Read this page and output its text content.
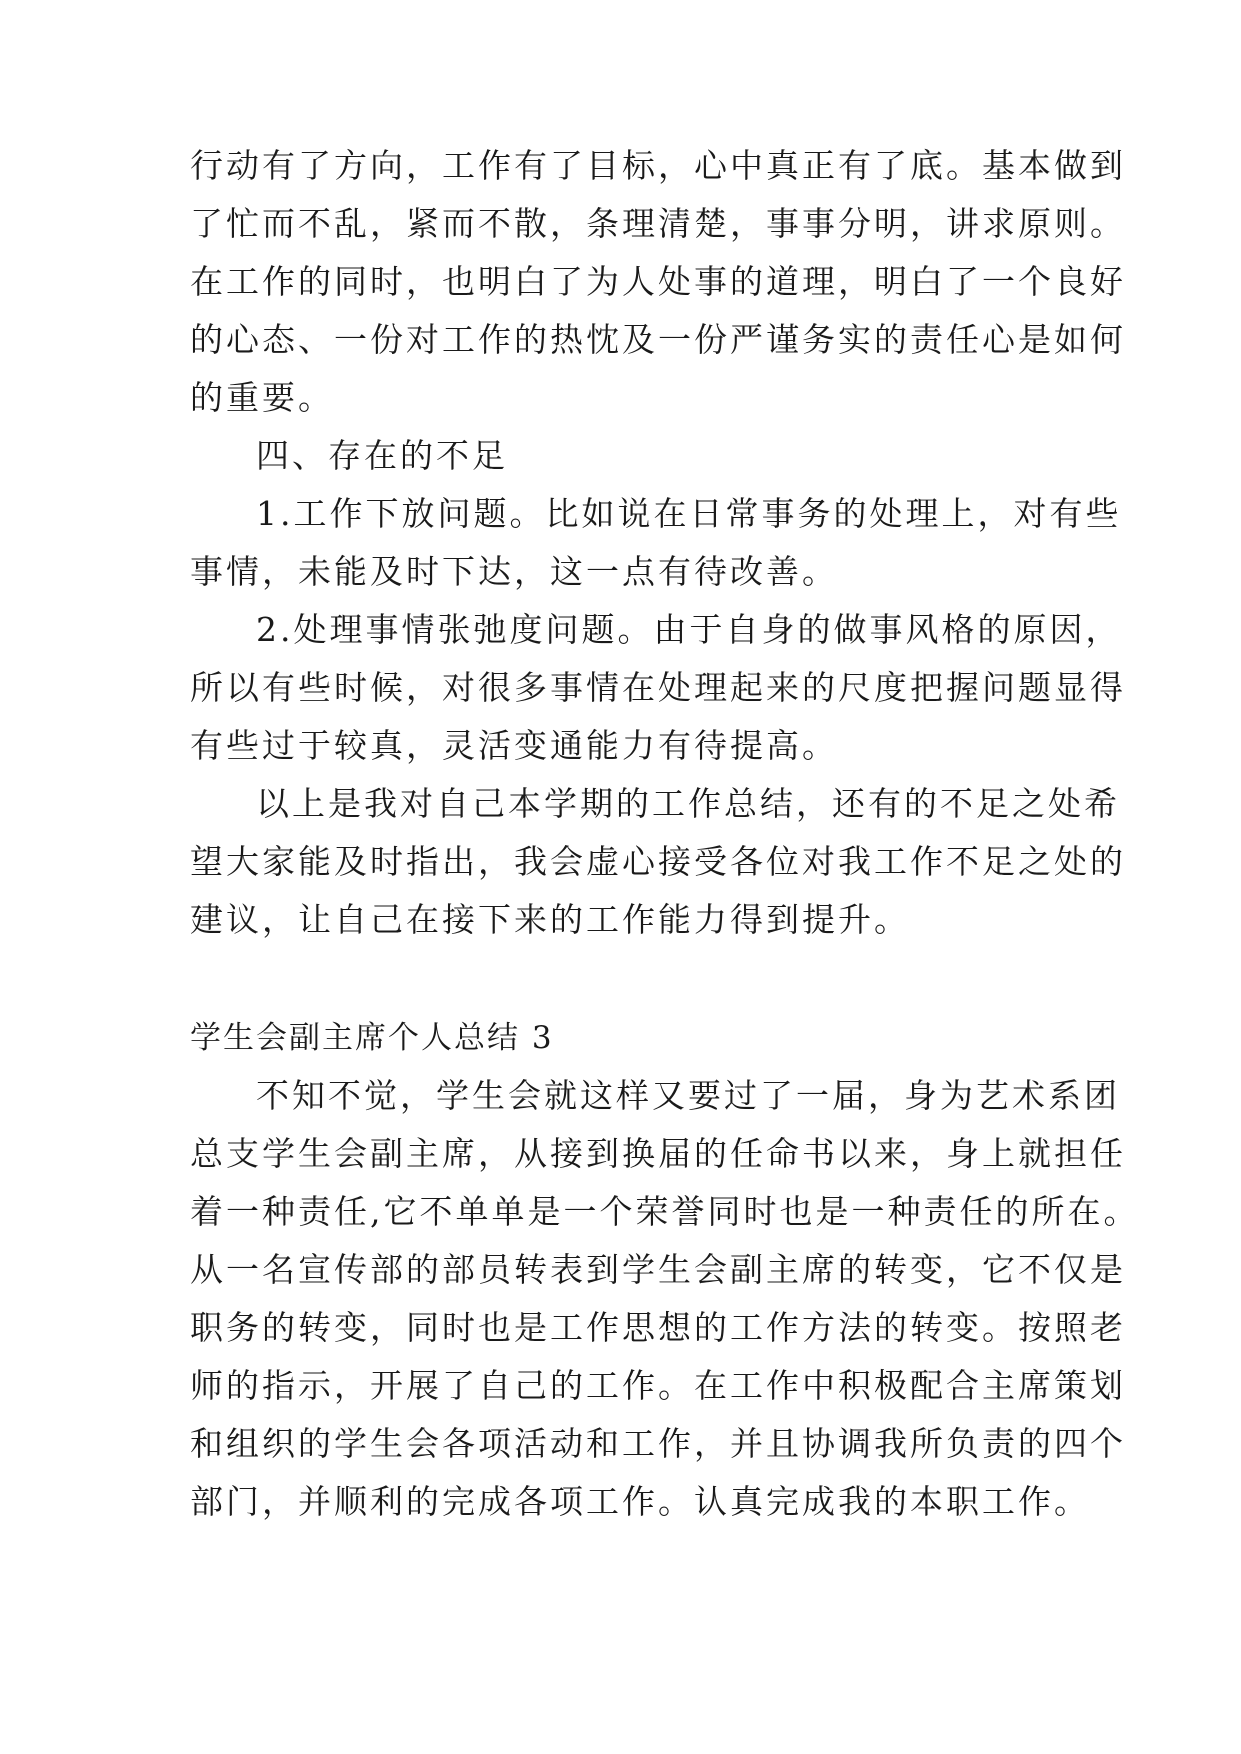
行动有了方向，工作有了目标，心中真正有了底。基本做到
了忙而不乱，紧而不散，条理清楚，事事分明，讲求原则。
在工作的同时，也明白了为人处事的道理，明白了一个良好
的心态、一份对工作的热忱及一份严谨务实的责任心是如何
的重要。
四、存在的不足
1.工作下放问题。比如说在日常事务的处理上，对有些
事情，未能及时下达，这一点有待改善。
2.处理事情张弛度问题。由于自身的做事风格的原因，
所以有些时候，对很多事情在处理起来的尺度把握问题显得
有些过于较真，灵活变通能力有待提高。
以上是我对自己本学期的工作总结，还有的不足之处希
望大家能及时指出，我会虚心接受各位对我工作不足之处的
建议，让自己在接下来的工作能力得到提升。
学生会副主席个人总结 3
不知不觉，学生会就这样又要过了一届，身为艺术系团
总支学生会副主席，从接到换届的任命书以来，身上就担任
着一种责任,它不单单是一个荣誉同时也是一种责任的所在。
从一名宣传部的部员转表到学生会副主席的转变，它不仅是
职务的转变，同时也是工作思想的工作方法的转变。按照老
师的指示，开展了自己的工作。在工作中积极配合主席策划
和组织的学生会各项活动和工作，并且协调我所负责的四个
部门，并顺利的完成各项工作。认真完成我的本职工作。
